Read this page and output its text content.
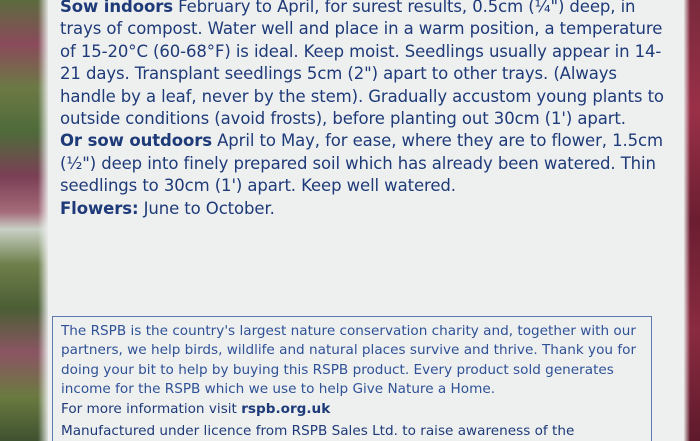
Sow indoors February to April, for surest results, 0.5cm (¼") deep, in trays of compost. Water well and place in a warm position, a temperature of 15-20°C (60-68°F) is ideal. Keep moist. Seedlings usually appear in 14-21 days. Transplant seedlings 5cm (2") apart to other trays. (Always handle by a leaf, never by the stem). Gradually accustom young plants to outside conditions (avoid frosts), before planting out 30cm (1') apart.

Or sow outdoors April to May, for ease, where they are to flower, 1.5cm (½") deep into finely prepared soil which has already been watered. Thin seedlings to 30cm (1') apart. Keep well watered.

Flowers: June to October.

The RSPB is the country's largest nature conservation charity and, together with our partners, we help birds, wildlife and natural places survive and thrive. Thank you for doing your bit to help by buying this RSPB product. Every product sold generates income for the RSPB which we use to help Give Nature a Home.

For more information visit rspb.org.uk

Manufactured under licence from RSPB Sales Ltd. to raise awareness of the
